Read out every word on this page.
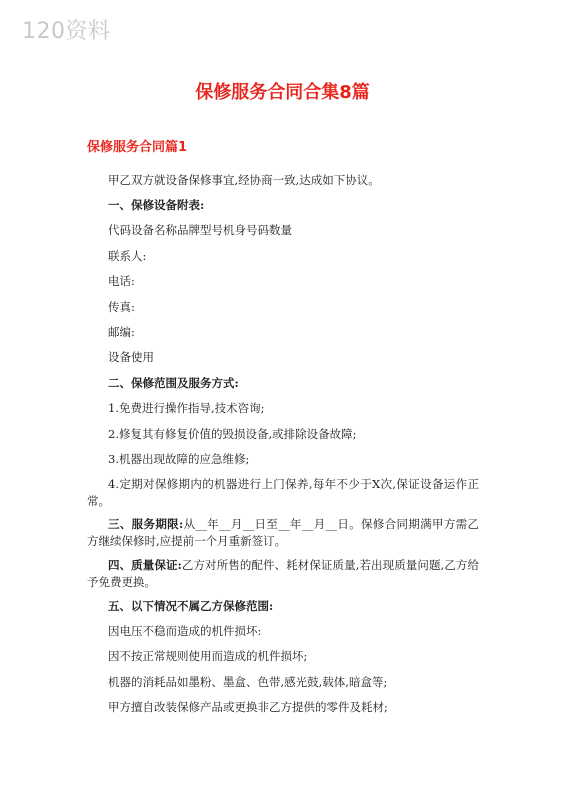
120资料
保修服务合同合集8篇
保修服务合同篇1
甲乙双方就设备保修事宜,经协商一致,达成如下协议。
一、保修设备附表:
代码设备名称品牌型号机身号码数量
联系人:
电话:
传真:
邮编:
设备使用
二、保修范围及服务方式:
1.免费进行操作指导,技术咨询;
2.修复其有修复价值的毁损设备,或排除设备故障;
3.机器出现故障的应急维修;
4.定期对保修期内的机器进行上门保养,每年不少于X次,保证设备运作正常。
三、服务期限:从__年__月__日至__年__月__日。保修合同期满甲方需乙方继续保修时,应提前一个月重新签订。
四、质量保证:乙方对所售的配件、耗材保证质量,若出现质量问题,乙方给予免费更换。
五、以下情况不属乙方保修范围:
因电压不稳而造成的机件损坏:
因不按正常规则使用而造成的机件损坏;
机器的消耗品如墨粉、墨盒、色带,感光鼓,载体,暗盒等;
甲方擅自改装保修产品或更换非乙方提供的零件及耗材;
